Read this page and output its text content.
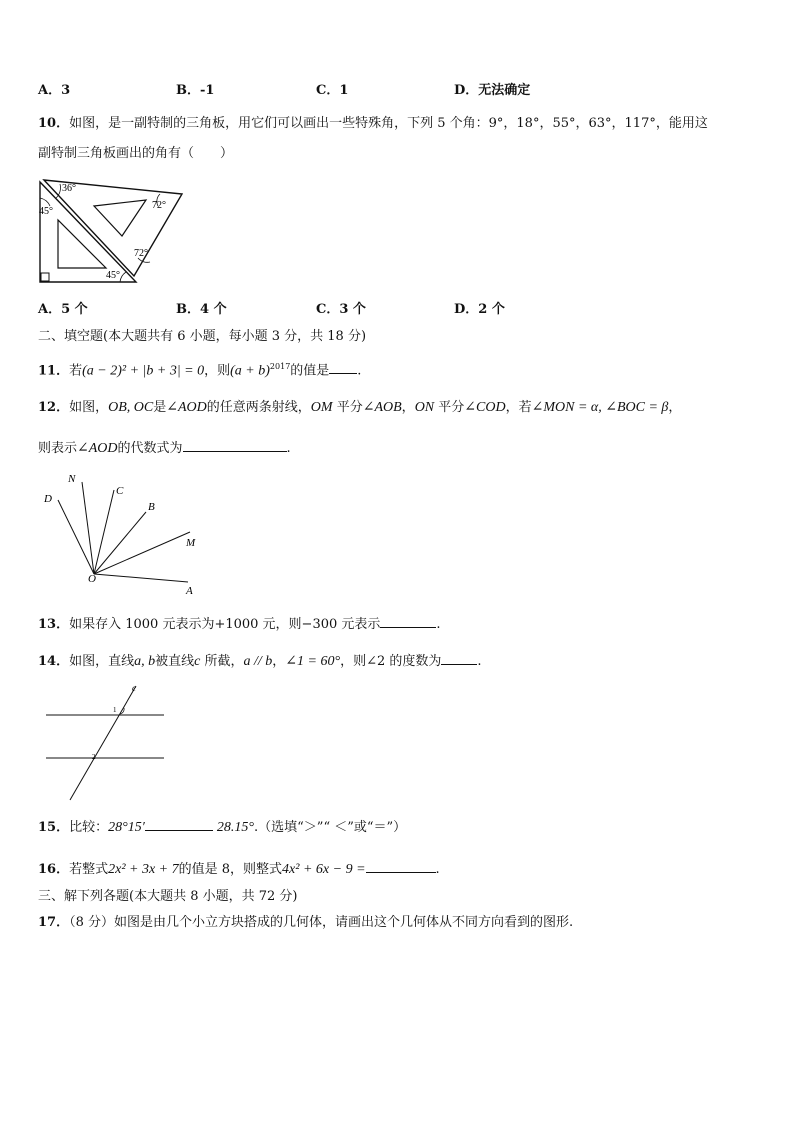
A．3	B．-1	C．1	D．无法确定
10．如图，是一副特制的三角板，用它们可以画出一些特殊角，下列 5 个角：9°，18°，55°，63°，117°，能用这
副特制三角板画出的角有（　　）
36°
72°
45°
72°
45°
A．5 个	B．4 个	C．3 个	D．2 个
二、填空题(本大题共有 6 小题，每小题 3 分，共 18 分)
11．若(a − 2)² + |b + 3| = 0，则$(a + b)^{2017}$的值是 .
12．如图，OB, OC是∠AOD的任意两条射线，OM 平分∠AOB，ON 平分∠COD，若∠MON = α, ∠BOC = β，
则表示∠AOD的代数式为	.
N
C
D
B
M
O
A
13．如果存入 1000 元表示为+1000 元，则−300 元表示	.
14．如图，直线a, b被直线c 所截，a // b，∠1 = 60°，则∠2 的度数为	.
c
1
2
15．比较：28°15′	28.15°.（选填“＞”“ ＜”或“＝”）
16．若整式2x² + 3x + 7的值是 8，则整式4x² + 6x − 9 =	.
三、解下列各题(本大题共 8 小题，共 72 分)
17．（8 分）如图是由几个小立方块搭成的几何体，请画出这个几何体从不同方向看到的图形.
